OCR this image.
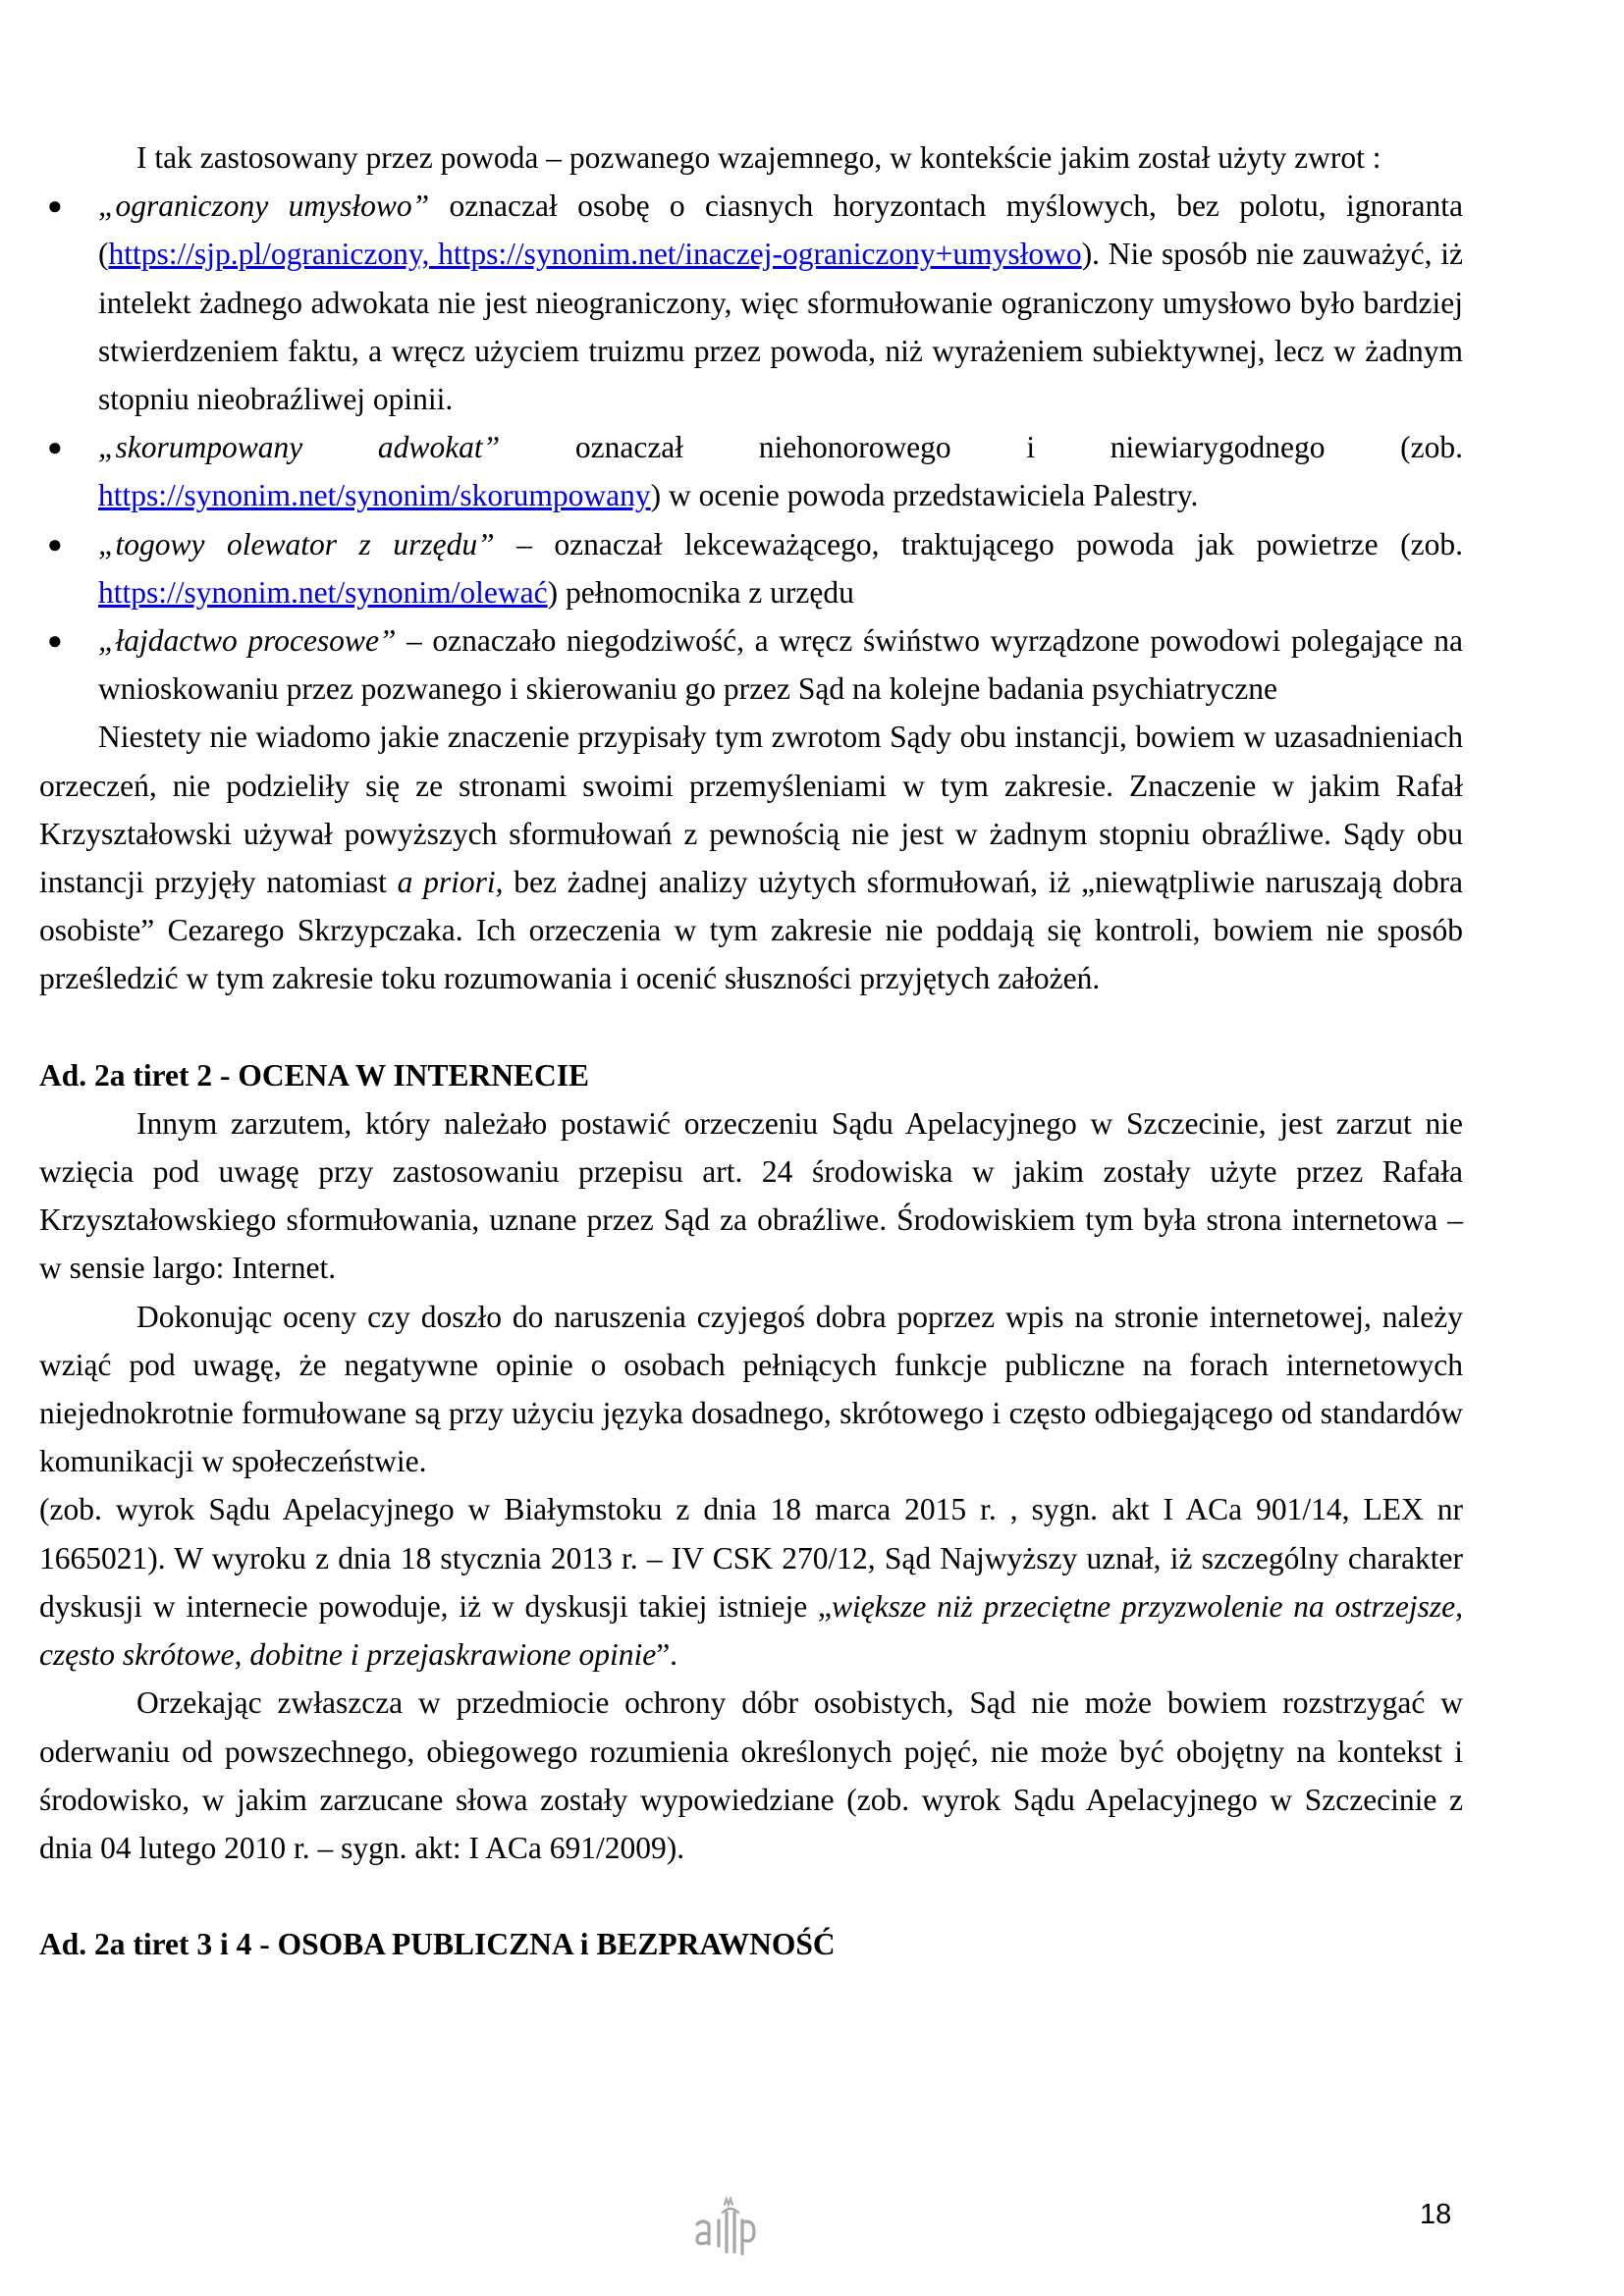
I tak zastosowany przez powoda – pozwanego wzajemnego, w kontekście jakim został użyty zwrot :

● „ograniczony umysłowo” oznaczał osobę o ciasnych horyzontach myślowych, bez polotu, ignoranta (https://sjp.pl/ograniczony, https://synonim.net/inaczej-ograniczony+umysłowo). Nie sposób nie zauważyć, iż intelekt żadnego adwokata nie jest nieograniczony, więc sformułowanie ograniczony umysłowo było bardziej stwierdzeniem faktu, a wręcz użyciem truizmu przez powoda, niż wyrażeniem subiektywnej, lecz w żadnym stopniu nieobraźliwej opinii.
● „skorumpowany adwokat” oznaczał niehonorowego i niewiarygodnego (zob. https://synonim.net/synonim/skorumpowany) w ocenie powoda przedstawiciela Palestry.
● „togowy olewator z urzędu” – oznaczał lekceważącego, traktującego powoda jak powietrze (zob. https://synonim.net/synonim/olewać) pełnomocnika z urzędu
● „łajdactwo procesowe” – oznaczało niegodziwość, a wręcz świństwo wyrządzone powodowi polegające na wnioskowaniu przez pozwanego i skierowaniu go przez Sąd na kolejne badania psychiatryczne

Niestety nie wiadomo jakie znaczenie przypisały tym zwrotom Sądy obu instancji, bowiem w uzasadnieniach orzeczeń, nie podzieliły się ze stronami swoimi przemyśleniami w tym zakresie. Znaczenie w jakim Rafał Krzyształowski używał powyższych sformułowań z pewnością nie jest w żadnym stopniu obraźliwe. Sądy obu instancji przyjęły natomiast a priori, bez żadnej analizy użytych sformułowań, iż „niewątpliwie naruszają dobra osobiste” Cezarego Skrzypczaka. Ich orzeczenia w tym zakresie nie poddają się kontroli, bowiem nie sposób prześledzić w tym zakresie toku rozumowania i ocenić słuszności przyjętych założeń.

Ad. 2a tiret 2 - OCENA W INTERNECIE

Innym zarzutem, który należało postawić orzeczeniu Sądu Apelacyjnego w Szczecinie, jest zarzut nie wzięcia pod uwagę przy zastosowaniu przepisu art. 24 środowiska w jakim zostały użyte przez Rafała Krzyształowskiego sformułowania, uznane przez Sąd za obraźliwe. Środowiskiem tym była strona internetowa – w sensie largo: Internet.

Dokonując oceny czy doszło do naruszenia czyjegoś dobra poprzez wpis na stronie internetowej, należy wziąć pod uwagę, że negatywne opinie o osobach pełniących funkcje publiczne na forach internetowych niejednokrotnie formułowane są przy użyciu języka dosadnego, skrótowego i często odbiegającego od standardów komunikacji w społeczeństwie.

(zob. wyrok Sądu Apelacyjnego w Białymstoku z dnia 18 marca 2015 r. , sygn. akt I ACa 901/14, LEX nr 1665021). W wyroku z dnia 18 stycznia 2013 r. – IV CSK 270/12, Sąd Najwyższy uznał, iż szczególny charakter dyskusji w internecie powoduje, iż w dyskusji takiej istnieje „większe niż przeciętne przyzwolenie na ostrzejsze, często skrótowe, dobitne i przejaskrawione opinie”.

Orzekając zwłaszcza w przedmiocie ochrony dóbr osobistych, Sąd nie może bowiem rozstrzygać w oderwaniu od powszechnego, obiegowego rozumienia określonych pojęć, nie może być obojętny na kontekst i środowisko, w jakim zarzucane słowa zostały wypowiedziane (zob. wyrok Sądu Apelacyjnego w Szczecinie z dnia 04 lutego 2010 r. – sygn. akt: I ACa 691/2009).

Ad. 2a tiret 3 i 4 - OSOBA PUBLICZNA i BEZPRAWNOŚĆ

18
